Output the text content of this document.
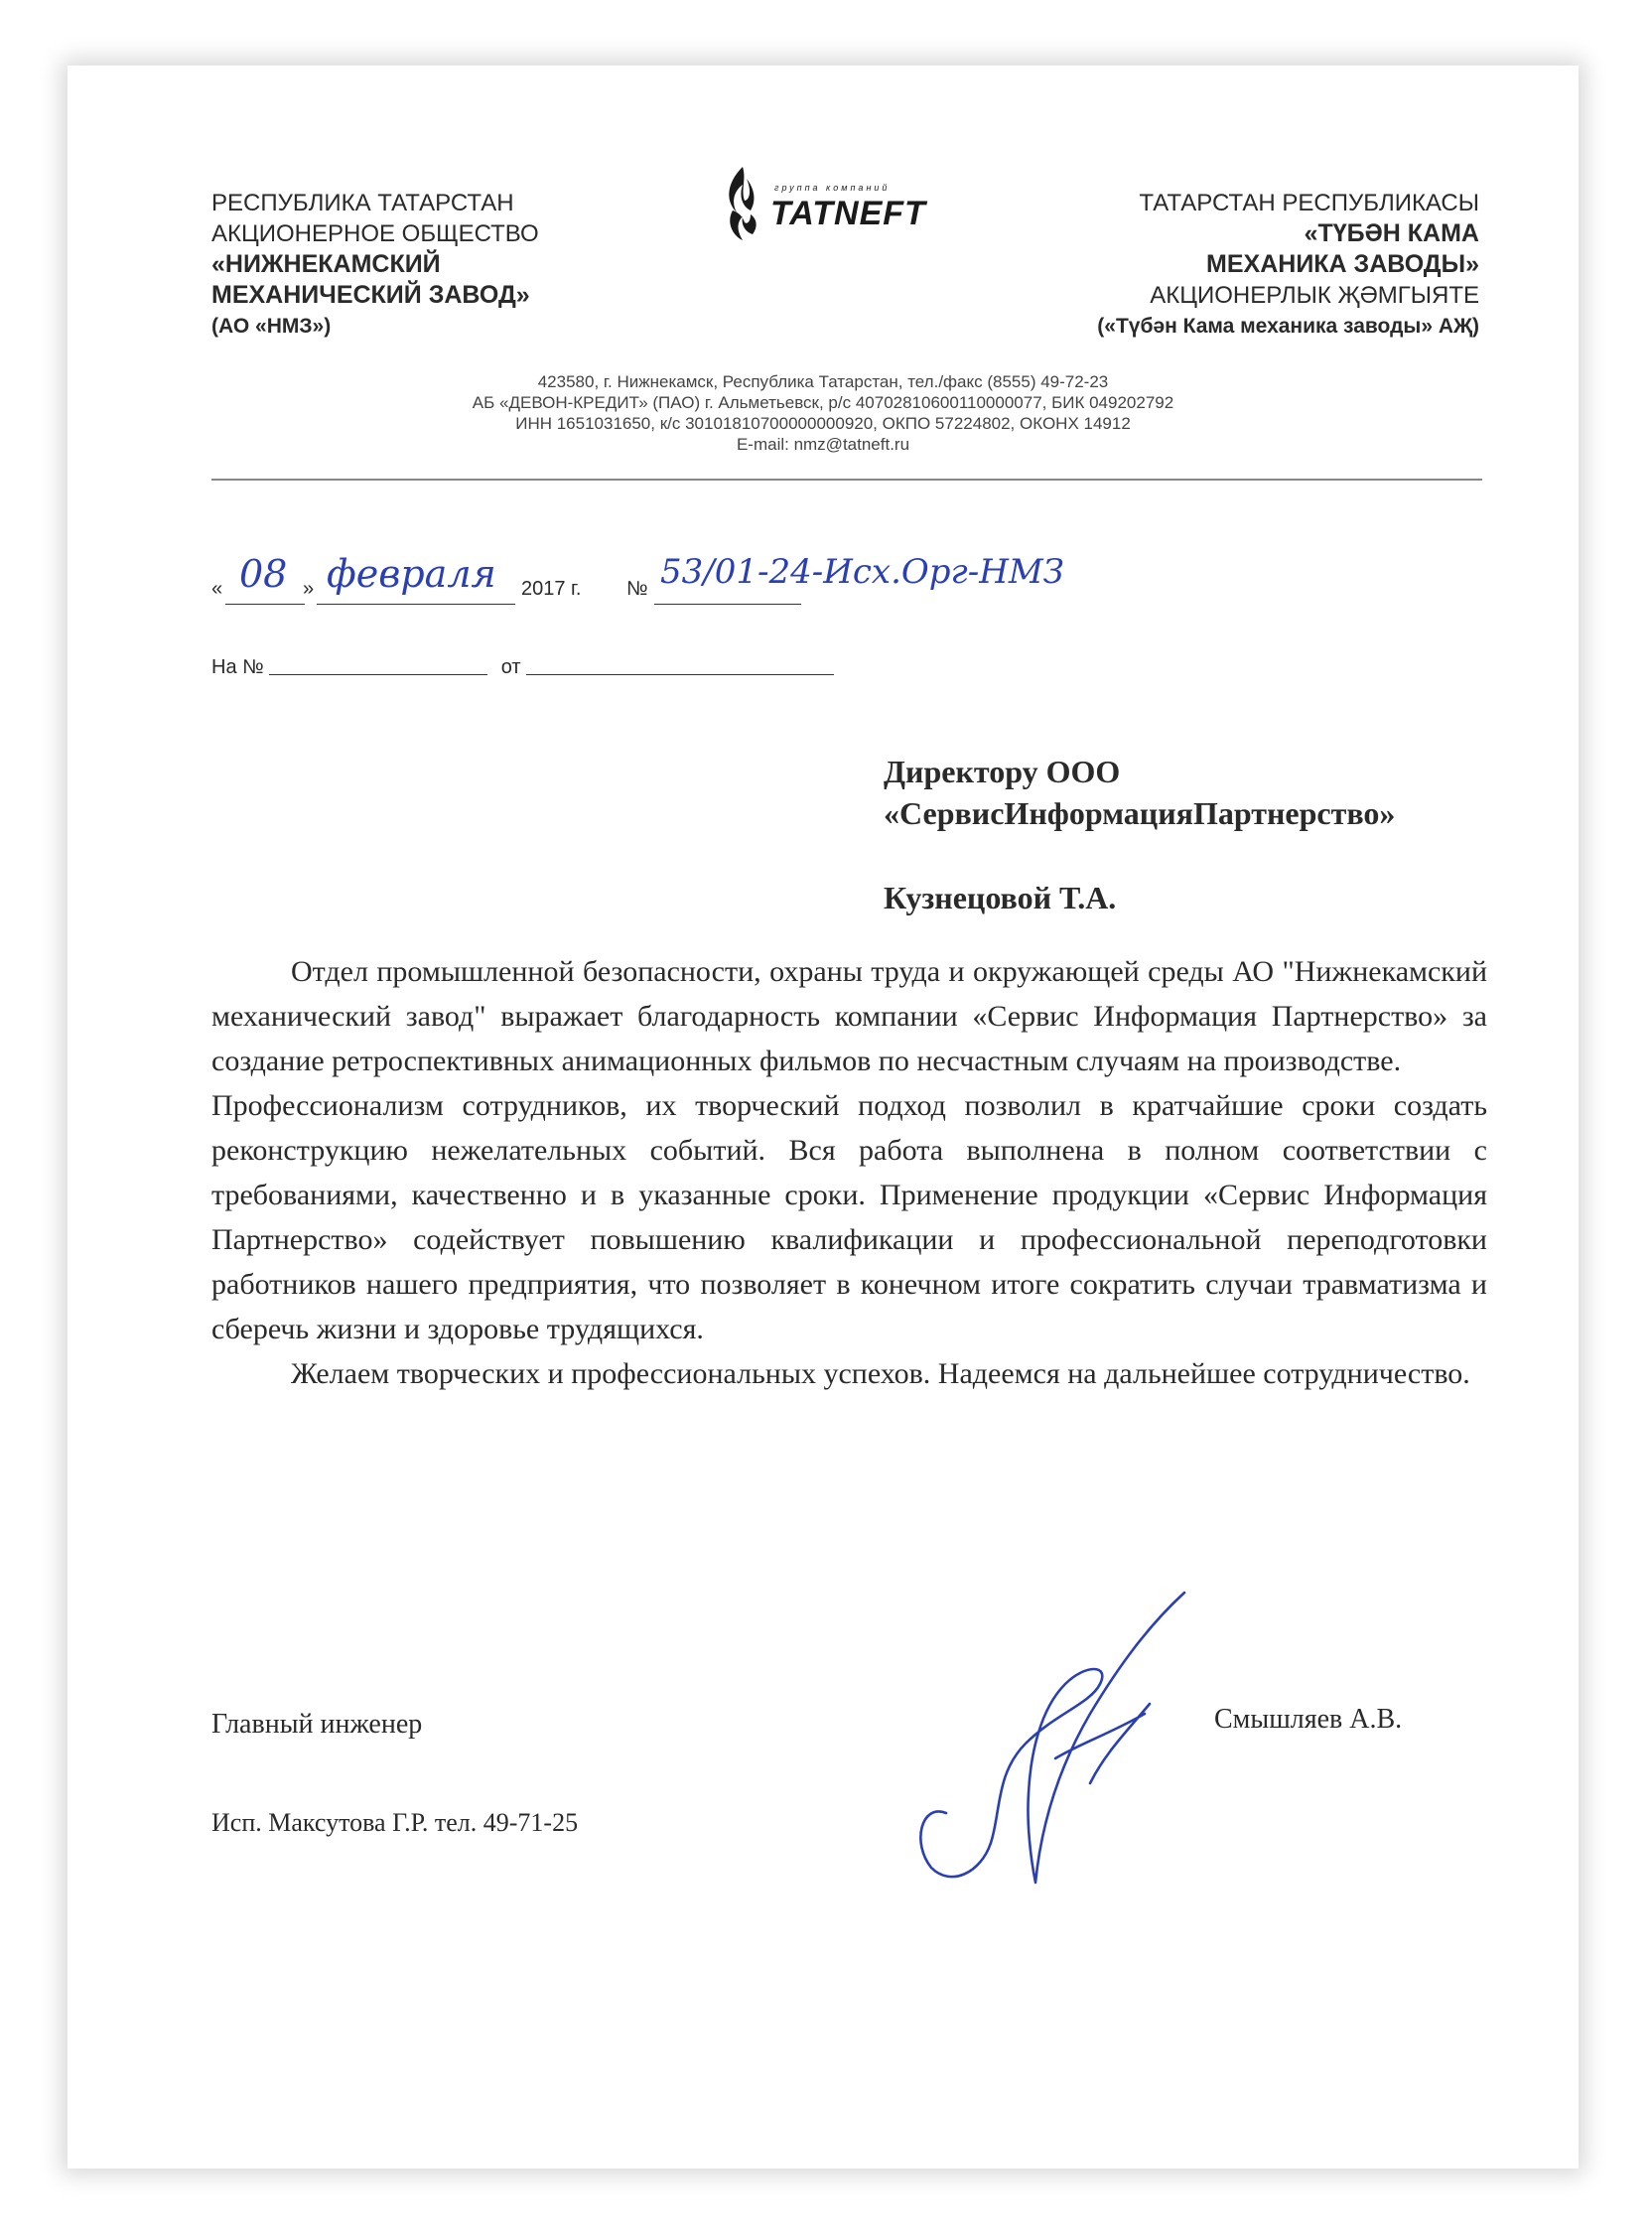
РЕСПУБЛИКА ТАТАРСТАН
АКЦИОНЕРНОЕ ОБЩЕСТВО
«НИЖНЕКАМСКИЙ
МЕХАНИЧЕСКИЙ ЗАВОД»
(АО «НМЗ»)
группа компаний
TATNEFT	ТАТАРСТАН РЕСПУБЛИКАСЫ
«ТҮБӘН КАМА
МЕХАНИКА ЗАВОДЫ»
АКЦИОНЕРЛЫК ҖӘМГЫЯТЕ
(«Түбән Кама механика заводы» АҖ)
423580, г. Нижнекамск, Республика Татарстан, тел./факс (8555) 49-72-23
АБ «ДЕВОН-КРЕДИТ» (ПАО) г. Альметьевск, р/с 40702810600110000077, БИК 049202792
ИНН 1651031650, к/с 30101810700000000920, ОКПО 57224802, ОКОНХ 14912
E-mail: nmz@tatneft.ru
« 08 » февраля 2017 г. № 53/01-24-Исх.Орг-НМЗ
На №	от
Директору ООО
«СервисИнформацияПартнерство»
Кузнецовой Т.А.

Отдел промышленной безопасности, охраны труда и окружающей среды АО "Нижнекамский механический завод" выражает благодарность компании «Сервис Информация Партнерство» за создание ретроспективных анимационных фильмов по несчастным случаям на производстве.

Профессионализм сотрудников, их творческий подход позволил в кратчайшие сроки создать реконструкцию нежелательных событий. Вся работа выполнена в полном соответствии с требованиями, качественно и в указанные сроки. Применение продукции «Сервис Информация Партнерство» содействует повышению квалификации и профессиональной переподготовки работников нашего предприятия, что позволяет в конечном итоге сократить случаи травматизма и сберечь жизни и здоровье трудящихся.

Желаем творческих и профессиональных успехов. Надеемся на дальнейшее сотрудничество.

Главный инженер	Смышляев А.В.
Исп. Максутова Г.Р. тел. 49-71-25
